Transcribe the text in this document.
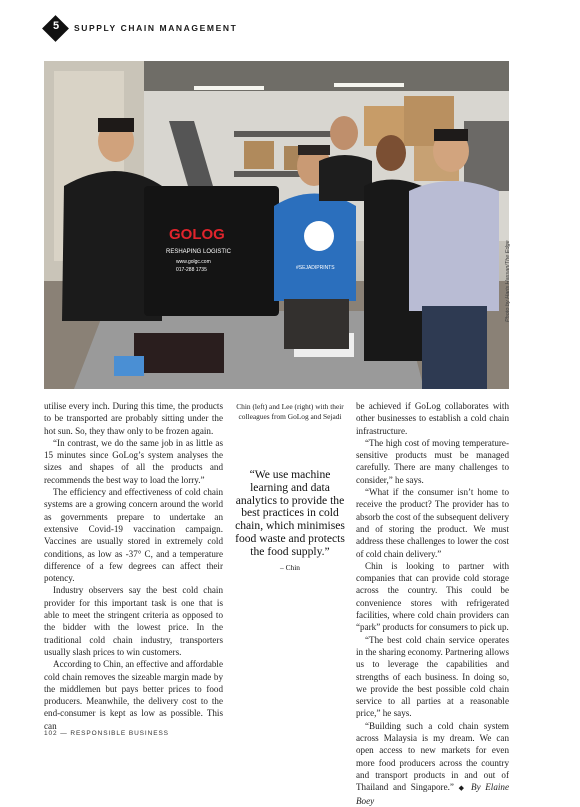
5	SUPPLY CHAIN MANAGEMENT
GOLOG
RESHAPING LOGISTIC
www.golgc.com
017-288 1735	#SEJADIPRINTS	Photo by Haris Hassan/The Edge

utilise every inch. During this time, the products to be transported are probably sitting under the hot sun. So, they thaw only to be frozen again.

“In contrast, we do the same job in as little as 15 minutes since GoLog’s system analyses the sizes and shapes of all the products and recommends the best way to load the lorry.”

The efficiency and effectiveness of cold chain systems are a growing concern around the world as governments prepare to undertake an extensive Covid-19 vaccination campaign. Vaccines are usually stored in extremely cold conditions, as low as -37° C, and a temperature difference of a few degrees can affect their potency.

Industry observers say the best cold chain provider for this important task is one that is able to meet the stringent criteria as opposed to the bidder with the lowest price. In the traditional cold chain industry, transporters usually slash prices to win customers.

According to Chin, an effective and affordable cold chain removes the sizeable margin made by the middlemen but pays better prices to food producers. Meanwhile, the delivery cost to the end-consumer is kept as low as possible. This can

Chin (left) and Lee (right) with their colleagues from GoLog and Sejadi
“We use machine learning and data analytics to provide the best practices in cold chain, which minimises food waste and protects the food supply.”
– Chin

be achieved if GoLog collaborates with other businesses to establish a cold chain infrastructure.

“The high cost of moving temperature-sensitive products must be managed carefully. There are many challenges to consider,” he says.

“What if the consumer isn’t home to receive the product? The provider has to absorb the cost of the subsequent delivery and of storing the product. We must address these challenges to lower the cost of cold chain delivery.”

Chin is looking to partner with companies that can provide cold storage across the country. This could be convenience stores with refrigerated facilities, where cold chain providers can “park” products for consumers to pick up.

“The best cold chain service operates in the sharing economy. Partnering allows us to leverage the capabilities and strengths of each business. In doing so, we provide the best possible cold chain service to all parties at a reasonable price,” he says.

“Building such a cold chain system across Malaysia is my dream. We can open access to new markets for even more food producers across the country and transport products in and out of Thailand and Singapore.” ◆ By Elaine Boey

102 — RESPONSIBLE BUSINESS
